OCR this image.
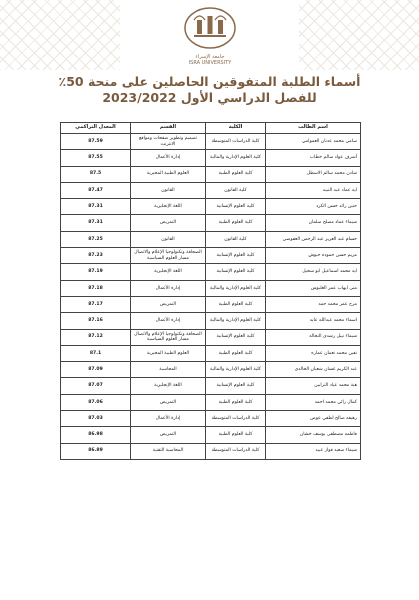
جامعة الإسراء
ISRA UNIVERSITY
أسماء الطلبة المتفوقين الحاصلين على منحة 50٪
للفصل الدراسي الأول 2023/2022
اسم الطالب	الكلية	القسم	المعدل التراكمي
سامي محمد عدنان العموامي	كلية الدراسات المتوسطة	تصميم وتطوير صفحات ومواقع الانترنت	87.59
أشرف عواد سالم خطاب	كلية العلوم الإدارية والمالية	إدارة الأعمال	87.55
شادن محمد سالم الاسطل	كلية العلوم الطبية	العلوم الطبية المخبرية	87.5
ايه عماد عبد النبيه	كلية القانون	القانون	87.47
حنين رائد حسن الكرد	كلية العلوم الإنسانية	اللغة الإنجليزية	87.31
شيماء عماد مصلح سلمان	كلية العلوم الطبية	التمريض	87.31
حسام عبد العزيز عبد الرحمن العقوصي	كلية القانون	القانون	87.25
مريم حسن حموده حبوش	كلية العلوم الإنسانية	الصحافة وتكنولوجيا الإعلام والاتصال مسار العلوم السياسية	87.23
ايه محمد اسماعيل ابو سخيل	كلية العلوم الإنسانية	اللغة الإنجليزية	87.19
منى ايهاب عمر الغلبوس	كلية العلوم الإدارية والمالية	إدارة الأعمال	87.18
مرح عمر محمد حمد	كلية العلوم الطبية	التمريض	87.17
اسماء محمد عبدالله عابد	كلية العلوم الإدارية والمالية	إدارة الأعمال	87.16
شيماء نبيل رشدي النخاله	كلية العلوم الإنسانية	الصحافة وتكنولوجيا الإعلام والاتصال مسار العلوم السياسية	87.12
نفين محمد نعمان عماره	كلية العلوم الطبية	العلوم الطبية المخبرية	87.1
عبد الكريم غسان شعبان الخالدي	كلية العلوم الإدارية والمالية	المحاسبة	87.09
هبة محمد عياد الترابين	كلية العلوم الإنسانية	اللغة الإنجليزية	87.07
كمال رائي محمد احمد	كلية العلوم الطبية	التمريض	87.06
رهيفه صالح لطفي عوض	كلية الدراسات المتوسطة	إدارة الأعمال	87.03
فاطمه مصطفى يوسف خشان	كلية العلوم الطبية	التمريض	86.98
شيماء سعيد فواز عبيد	كلية الدراسات المتوسطة	المحاسبة التقنية	86.89
